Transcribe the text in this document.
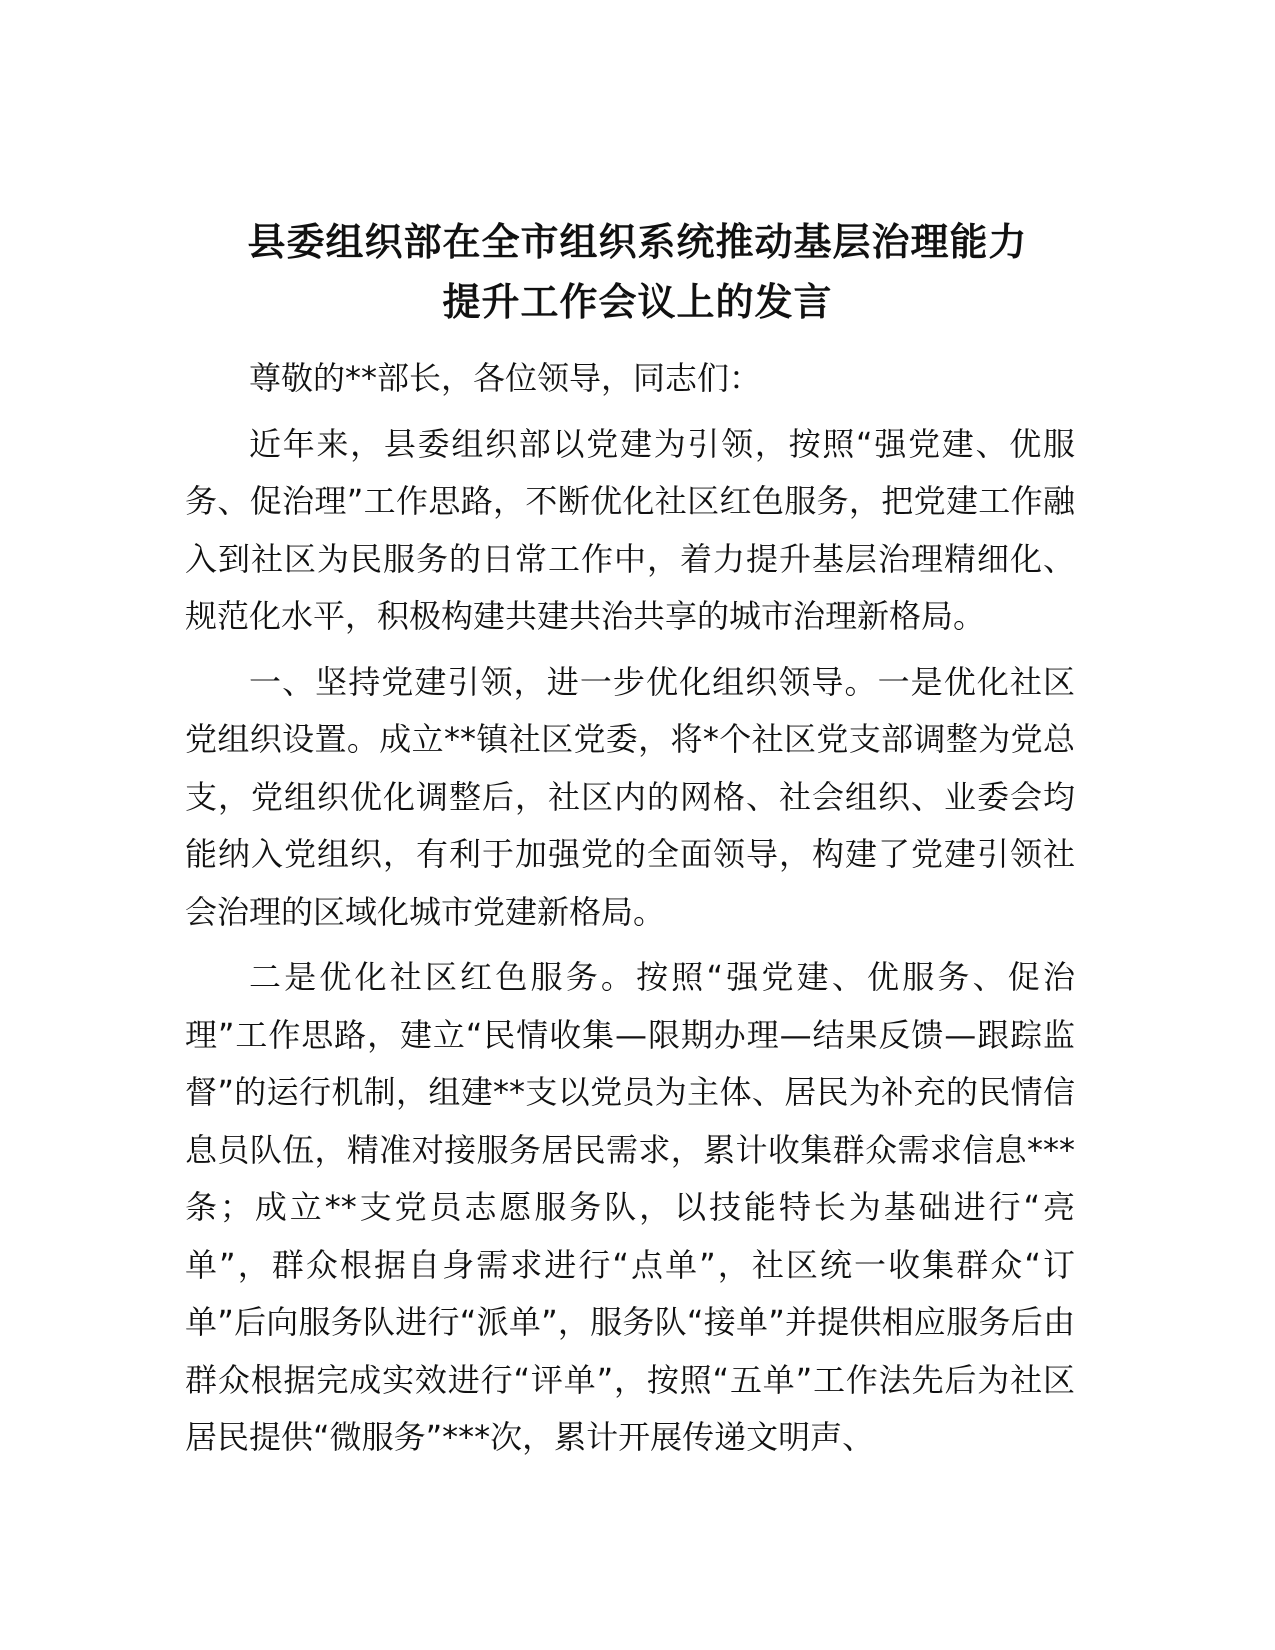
县委组织部在全市组织系统推动基层治理能力
提升工作会议上的发言

尊敬的**部长，各位领导，同志们：

近年来，县委组织部以党建为引领，按照“强党建、优服务、促治理”工作思路，不断优化社区红色服务，把党建工作融入到社区为民服务的日常工作中，着力提升基层治理精细化、规范化水平，积极构建共建共治共享的城市治理新格局。

一、坚持党建引领，进一步优化组织领导。一是优化社区党组织设置。成立**镇社区党委，将*个社区党支部调整为党总支，党组织优化调整后，社区内的网格、社会组织、业委会均能纳入党组织，有利于加强党的全面领导，构建了党建引领社会治理的区域化城市党建新格局。

二是优化社区红色服务。按照“强党建、优服务、促治理”工作思路，建立“民情收集—限期办理—结果反馈—跟踪监督”的运行机制，组建**支以党员为主体、居民为补充的民情信息员队伍，精准对接服务居民需求，累计收集群众需求信息***条；成立**支党员志愿服务队，以技能特长为基础进行“亮单”，群众根据自身需求进行“点单”，社区统一收集群众“订单”后向服务队进行“派单”，服务队“接单”并提供相应服务后由群众根据完成实效进行“评单”，按照“五单”工作法先后为社区居民提供“微服务”***次，累计开展传递文明声、
